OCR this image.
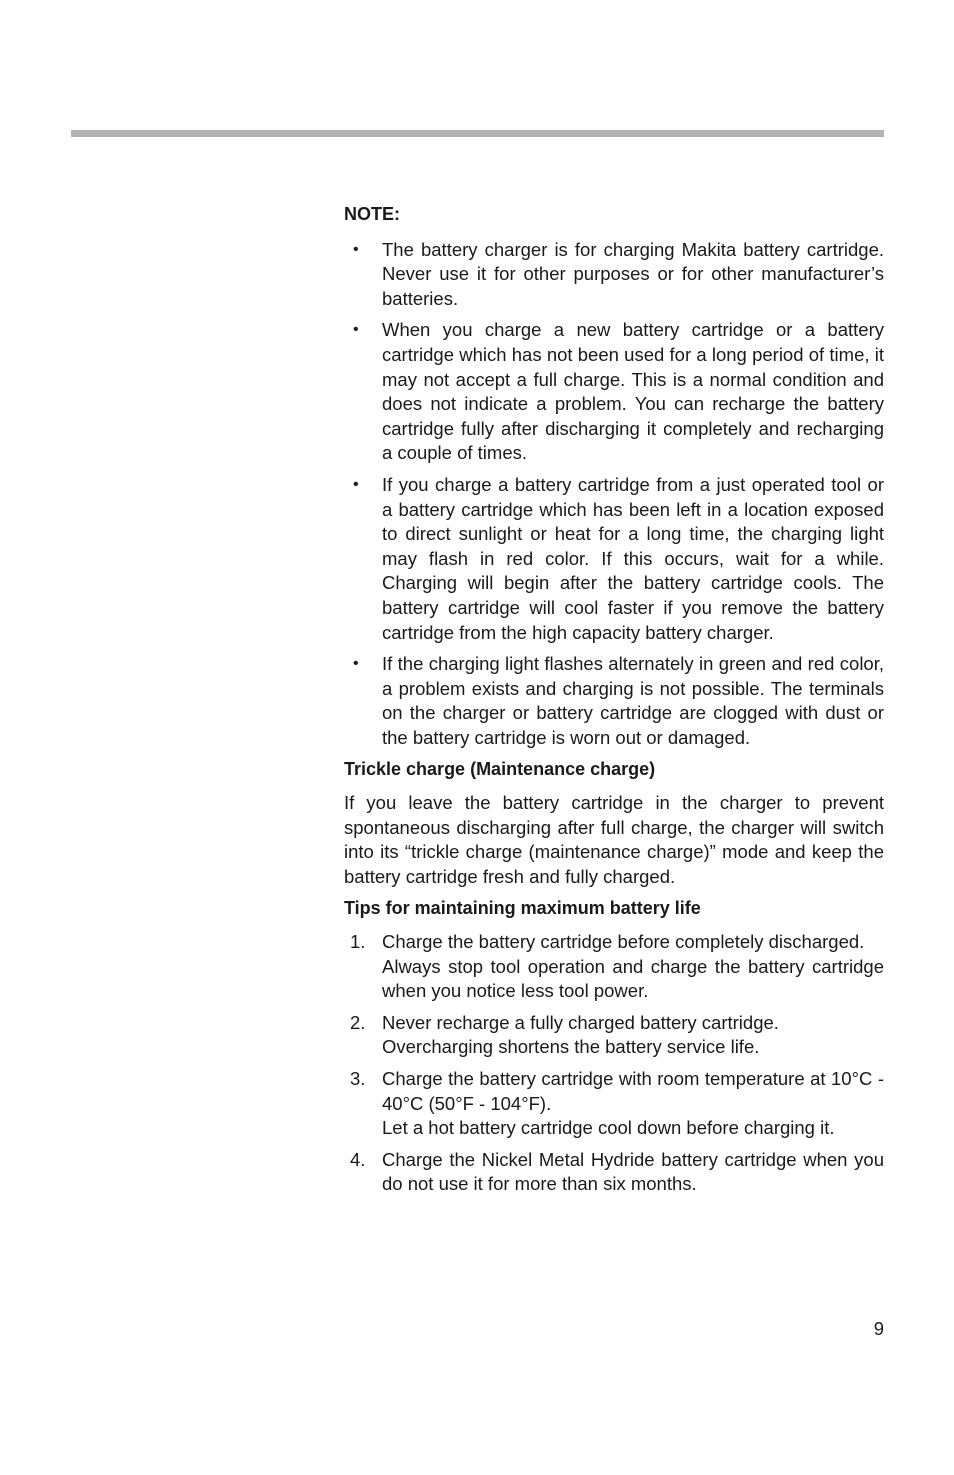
NOTE:
•	The battery charger is for charging Makita battery cartridge. Never use it for other purposes or for other manufacturer’s batteries.
•	When you charge a new battery cartridge or a battery cartridge which has not been used for a long period of time, it may not accept a full charge. This is a normal condition and does not indicate a problem. You can recharge the battery cartridge fully after discharging it completely and recharging a couple of times.
•	If you charge a battery cartridge from a just operated tool or a battery cartridge which has been left in a location exposed to direct sunlight or heat for a long time, the charging light may flash in red color. If this occurs, wait for a while. Charging will begin after the battery cartridge cools. The battery cartridge will cool faster if you remove the battery cartridge from the high capacity battery charger.
•	If the charging light flashes alternately in green and red color, a problem exists and charging is not possible. The terminals on the charger or battery cartridge are clogged with dust or the battery cartridge is worn out or damaged.
Trickle charge (Maintenance charge)

If you leave the battery cartridge in the charger to prevent spontaneous discharging after full charge, the charger will switch into its “trickle charge (maintenance charge)” mode and keep the battery cartridge fresh and fully charged.

Tips for maintaining maximum battery life
1. Charge the battery cartridge before completely discharged.

Always stop tool operation and charge the battery cartridge when you notice less tool power.

2. Never recharge a fully charged battery cartridge.

Overcharging shortens the battery service life.

3. Charge the battery cartridge with room temperature at 10°C - 40°C (50°F - 104°F).

Let a hot battery cartridge cool down before charging it.

4. Charge the Nickel Metal Hydride battery cartridge when you do not use it for more than six months.

9
